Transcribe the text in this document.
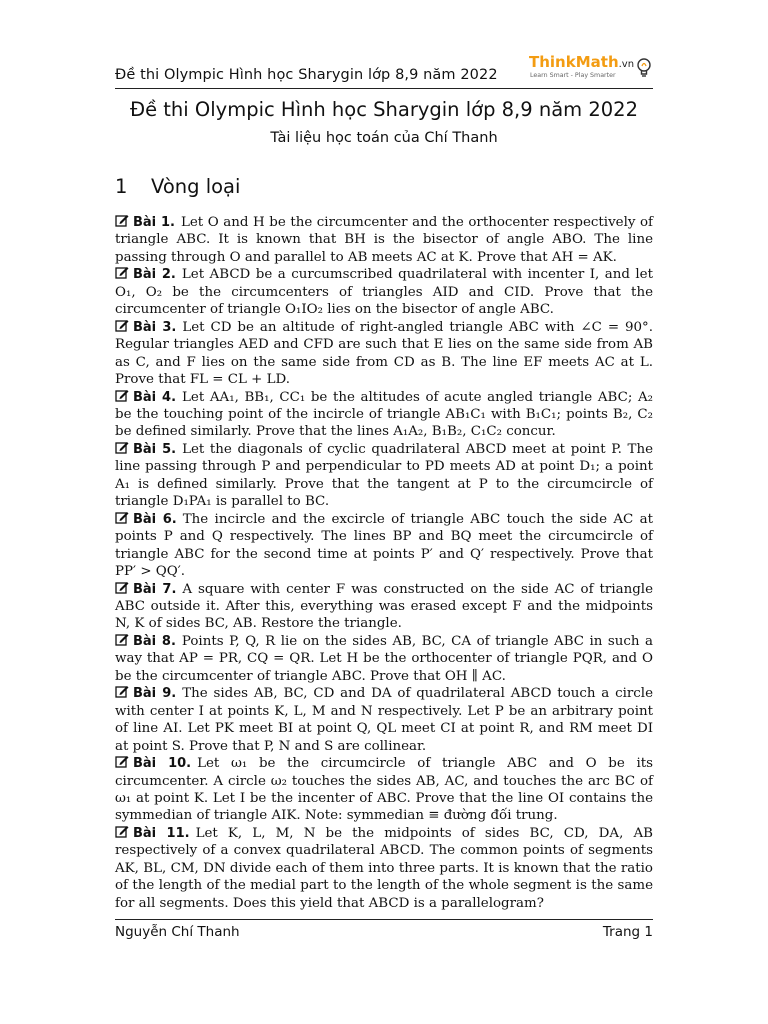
Đề thi Olympic Hình học Sharygin lớp 8,9 năm 2022
ThinkMath.vn
Learn Smart - Play Smarter
Đề thi Olympic Hình học Sharygin lớp 8,9 năm 2022
Tài liệu học toán của Chí Thanh
1 Vòng loại

Bài 1. Let O and H be the circumcenter and the orthocenter respectively of triangle ABC. It is known that BH is the bisector of angle ABO. The line passing through O and parallel to AB meets AC at K. Prove that AH = AK.

Bài 2. Let ABCD be a curcumscribed quadrilateral with incenter I, and let O₁, O₂ be the circumcenters of triangles AID and CID. Prove that the circumcenter of triangle O₁IO₂ lies on the bisector of angle ABC.

Bài 3. Let CD be an altitude of right-angled triangle ABC with ∠C = 90°. Regular triangles AED and CFD are such that E lies on the same side from AB as C, and F lies on the same side from CD as B. The line EF meets AC at L. Prove that FL = CL + LD.

Bài 4. Let AA₁, BB₁, CC₁ be the altitudes of acute angled triangle ABC; A₂ be the touching point of the incircle of triangle AB₁C₁ with B₁C₁; points B₂, C₂ be defined similarly. Prove that the lines A₁A₂, B₁B₂, C₁C₂ concur.

Bài 5. Let the diagonals of cyclic quadrilateral ABCD meet at point P. The line passing through P and perpendicular to PD meets AD at point D₁; a point A₁ is defined similarly. Prove that the tangent at P to the circumcircle of triangle D₁PA₁ is parallel to BC.

Bài 6. The incircle and the excircle of triangle ABC touch the side AC at points P and Q respectively. The lines BP and BQ meet the circumcircle of triangle ABC for the second time at points P′ and Q′ respectively. Prove that PP′ > QQ′.

Bài 7. A square with center F was constructed on the side AC of triangle ABC outside it. After this, everything was erased except F and the midpoints N, K of sides BC, AB. Restore the triangle.

Bài 8. Points P, Q, R lie on the sides AB, BC, CA of triangle ABC in such a way that AP = PR, CQ = QR. Let H be the orthocenter of triangle PQR, and O be the circumcenter of triangle ABC. Prove that OH ∥ AC.

Bài 9. The sides AB, BC, CD and DA of quadrilateral ABCD touch a circle with center I at points K, L, M and N respectively. Let P be an arbitrary point of line AI. Let PK meet BI at point Q, QL meet CI at point R, and RM meet DI at point S. Prove that P, N and S are collinear.

Bài 10. Let ω₁ be the circumcircle of triangle ABC and O be its circumcenter. A circle ω₂ touches the sides AB, AC, and touches the arc BC of ω₁ at point K. Let I be the incenter of ABC. Prove that the line OI contains the symmedian of triangle AIK. Note: symmedian ≡ đường đối trung.

Bài 11. Let K, L, M, N be the midpoints of sides BC, CD, DA, AB respectively of a convex quadrilateral ABCD. The common points of segments AK, BL, CM, DN divide each of them into three parts. It is known that the ratio of the length of the medial part to the length of the whole segment is the same for all segments. Does this yield that ABCD is a parallelogram?

Nguyễn Chí Thanh	Trang 1
